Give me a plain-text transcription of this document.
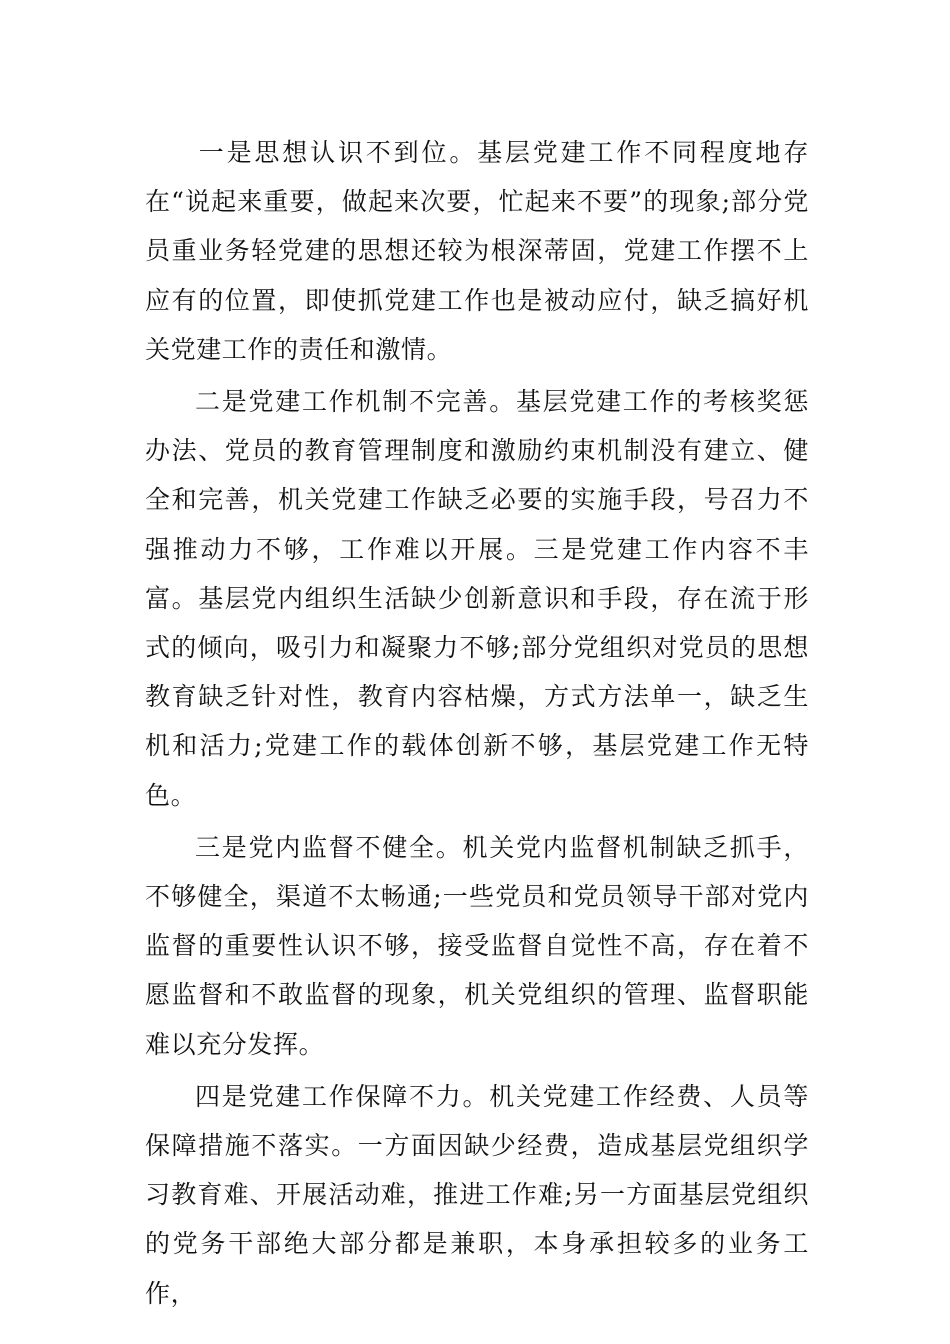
一是思想认识不到位。基层党建工作不同程度地存在“说起来重要，做起来次要，忙起来不要”的现象;部分党员重业务轻党建的思想还较为根深蒂固，党建工作摆不上应有的位置，即使抓党建工作也是被动应付，缺乏搞好机关党建工作的责任和激情。

二是党建工作机制不完善。基层党建工作的考核奖惩办法、党员的教育管理制度和激励约束机制没有建立、健全和完善，机关党建工作缺乏必要的实施手段，号召力不强推动力不够，工作难以开展。三是党建工作内容不丰富。基层党内组织生活缺少创新意识和手段，存在流于形式的倾向，吸引力和凝聚力不够;部分党组织对党员的思想教育缺乏针对性，教育内容枯燥，方式方法单一，缺乏生机和活力;党建工作的载体创新不够，基层党建工作无特色。

三是党内监督不健全。机关党内监督机制缺乏抓手，不够健全，渠道不太畅通;一些党员和党员领导干部对党内监督的重要性认识不够，接受监督自觉性不高，存在着不愿监督和不敢监督的现象，机关党组织的管理、监督职能难以充分发挥。

四是党建工作保障不力。机关党建工作经费、人员等保障措施不落实。一方面因缺少经费，造成基层党组织学习教育难、开展活动难，推进工作难;另一方面基层党组织的党务干部绝大部分都是兼职，本身承担较多的业务工作，
